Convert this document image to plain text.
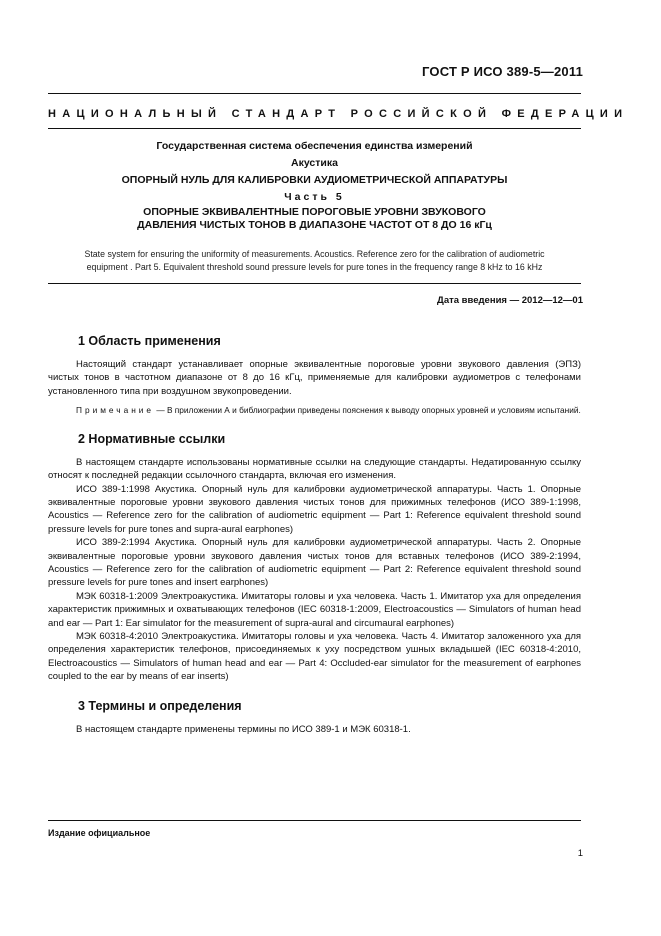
ГОСТ Р ИСО 389-5—2011
НАЦИОНАЛЬНЫЙ СТАНДАРТ РОССИЙСКОЙ ФЕДЕРАЦИИ
Государственная система обеспечения единства измерений
Акустика
ОПОРНЫЙ НУЛЬ ДЛЯ КАЛИБРОВКИ АУДИОМЕТРИЧЕСКОЙ АППАРАТУРЫ
Часть 5
ОПОРНЫЕ ЭКВИВАЛЕНТНЫЕ ПОРОГОВЫЕ УРОВНИ ЗВУКОВОГО
ДАВЛЕНИЯ ЧИСТЫХ ТОНОВ В ДИАПАЗОНЕ ЧАСТОТ ОТ 8 ДО 16 кГц
State system for ensuring the uniformity of measurements. Acoustics. Reference zero for the calibration of audiometric
equipment . Part 5. Equivalent threshold sound pressure levels for pure tones in the frequency range 8 kHz to 16 kHz
Дата введения — 2012—12—01
1 Область применения

Настоящий стандарт устанавливает опорные эквивалентные пороговые уровни звукового давления (ЭПЗ) чистых тонов в частотном диапазоне от 8 до 16 кГц, применяемые для калибровки аудиометров с телефонами установленного типа при воздушном звукопроведении.

Примечание — В приложении А и библиографии приведены пояснения к выводу опорных уровней и условиям испытаний.

2 Нормативные ссылки

В настоящем стандарте использованы нормативные ссылки на следующие стандарты. Недатированную ссылку относят к последней редакции ссылочного стандарта, включая его изменения.

ИСО 389-1:1998 Акустика. Опорный нуль для калибровки аудиометрической аппаратуры. Часть 1. Опорные эквивалентные пороговые уровни звукового давления чистых тонов для прижимных телефонов (ИСО 389-1:1998, Acoustics — Reference zero for the calibration of audiometric equipment — Part 1: Reference equivalent threshold sound pressure levels for pure tones and supra-aural earphones)

ИСО 389-2:1994 Акустика. Опорный нуль для калибровки аудиометрической аппаратуры. Часть 2. Опорные эквивалентные пороговые уровни звукового давления чистых тонов для вставных телефонов (ИСО 389-2:1994, Acoustics — Reference zero for the calibration of audiometric equipment — Part 2: Reference equivalent threshold sound pressure levels for pure tones and insert earphones)

МЭК 60318-1:2009 Электроакустика. Имитаторы головы и уха человека. Часть 1. Имитатор уха для определения характеристик прижимных и охватывающих телефонов (IEC 60318-1:2009, Electroacoustics — Simulators of human head and ear — Part 1: Ear simulator for the measurement of supra-aural and circumaural earphones)

МЭК 60318-4:2010 Электроакустика. Имитаторы головы и уха человека. Часть 4. Имитатор заложенного уха для определения характеристик телефонов, присоединяемых к уху посредством ушных вкладышей (IEC 60318-4:2010, Electroacoustics — Simulators of human head and ear — Part 4: Occluded-ear simulator for the measurement of earphones coupled to the ear by means of ear inserts)

3 Термины и определения

В настоящем стандарте применены термины по ИСО 389-1 и МЭК 60318-1.

Издание официальное
1
